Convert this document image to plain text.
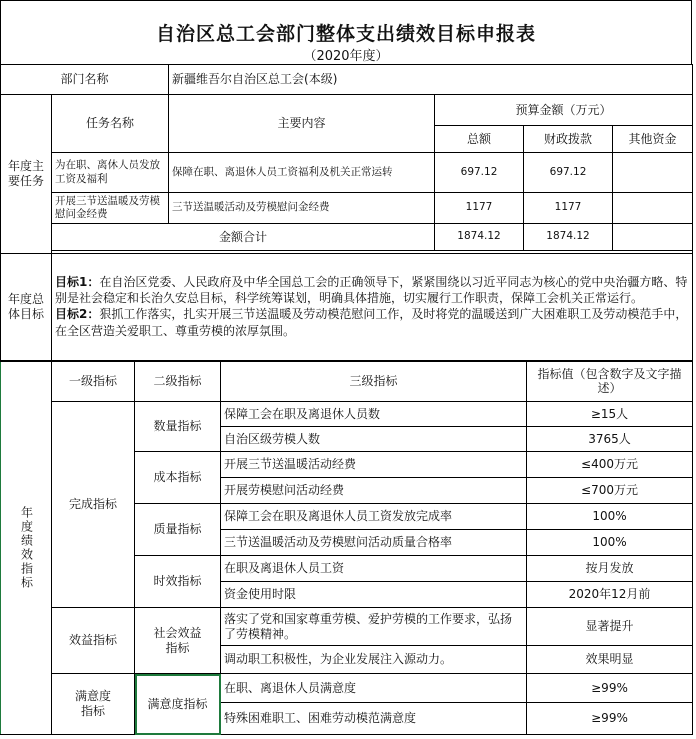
自治区总工会部门整体支出绩效目标申报表
（2020年度）
部门名称		新疆维吾尔自治区总工会(本级)			

年度主要任务	任务名称	主要内容	预算金额（万元）		
			总额	财政拨款	其他资金
	为在职、离休人员发放工资及福利	保障在职、离退休人员工资福利及机关正常运转	697.12	697.12	
	开展三节送温暖及劳模慰问金经费	三节送温暖活动及劳模慰问金经费	1177	1177	
	金额合计		1874.12	1874.12	

年度总体目标
	目标1：在自治区党委、人民政府及中华全国总工会的正确领导下，紧紧围绕以习近平同志为核心的党中央治疆方略、特别是社会稳定和长治久安总目标，科学统筹谋划，明确具体措施，切实履行工作职责，保障工会机关正常运行。
目标2：狠抓工作落实，扎实开展三节送温暖及劳动模范慰问工作，及时将党的温暖送到广大困难职工及劳动模范手中，在全区营造关爱职工、尊重劳模的浓厚氛围。
年度绩效指标	一级指标	二级指标	三级指标	指标值（包含数字及文字描述）
	完成指标	数量指标	保障工会在职及离退休人员数	≥15人
			自治区级劳模人数	3765人
		成本指标	开展三节送温暖活动经费	≤400万元
			开展劳模慰问活动经费	≤700万元
		质量指标	保障工会在职及离退休人员工资发放完成率	100%
			三节送温暖活动及劳模慰问活动质量合格率	100%
		时效指标	在职及离退休人员工资	按月发放
			资金使用时限	2020年12月前
	效益指标	社会效益指标	落实了党和国家尊重劳模、爱护劳模的工作要求，弘扬了劳模精神。	显著提升
			调动职工积极性，为企业发展注入源动力。	效果明显

	满意度指标	满意度指标	在职、离退休人员满意度	≥99%
			特殊困难职工、困难劳动模范满意度	≥99%
